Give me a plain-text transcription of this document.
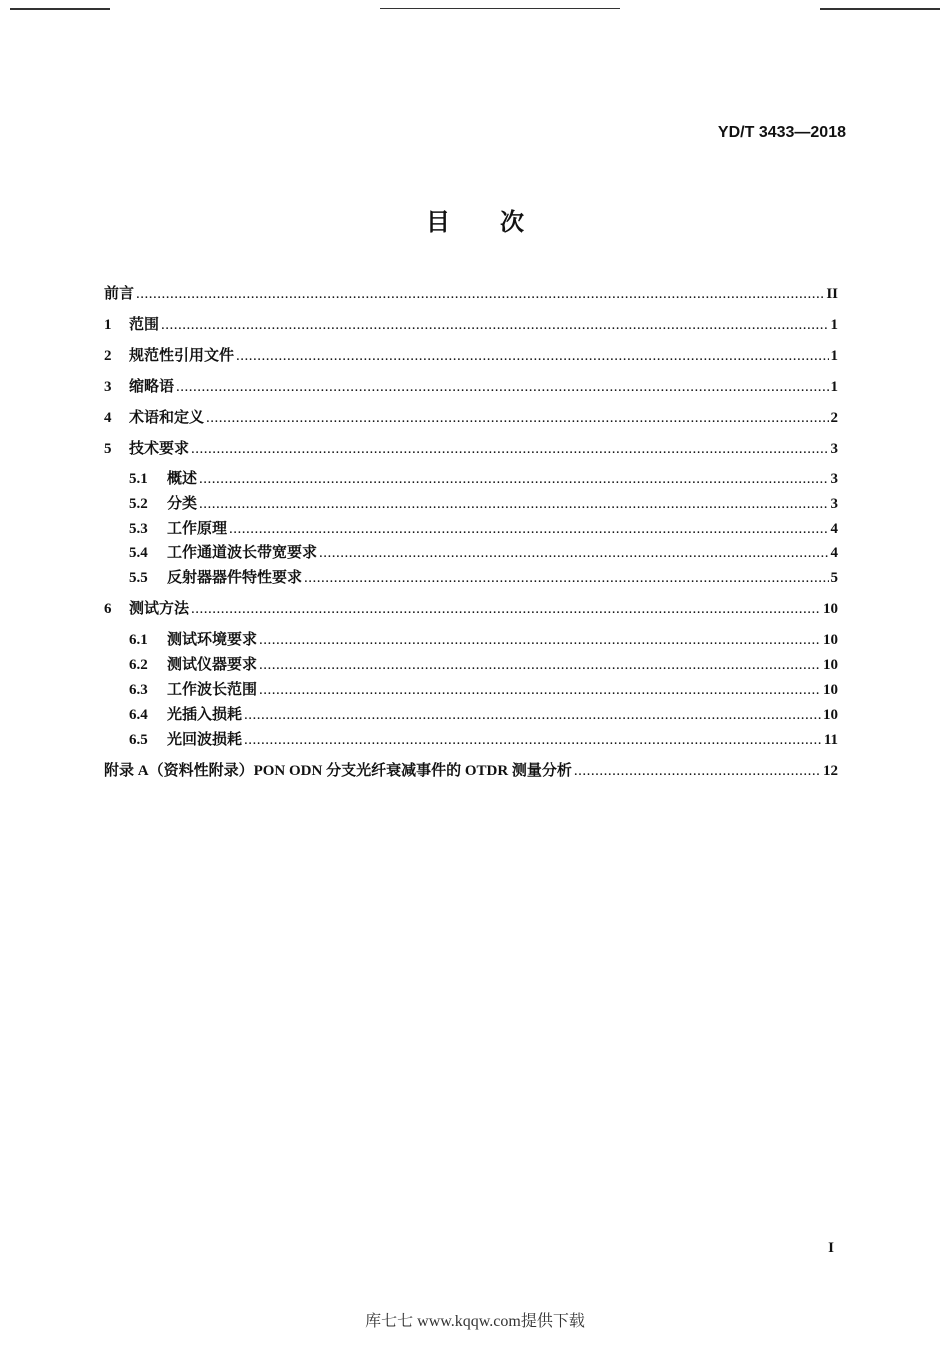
YD/T 3433—2018
目次
前言 .....	II
1	范围 .....	1
2	规范性引用文件 .....	1
3	缩略语 .....	1
4	术语和定义 .....	2
5	技术要求 .....	3
5.1	概述 .....	3
5.2	分类 .....	3
5.3	工作原理 .....	4
5.4	工作通道波长带宽要求 .....	4
5.5	反射器器件特性要求 .....	5
6	测试方法 .....	10
6.1	测试环境要求 .....	10
6.2	测试仪器要求 .....	10
6.3	工作波长范围 .....	10
6.4	光插入损耗 .....	10
6.5	光回波损耗 .....	11
附录 A（资料性附录）PON ODN 分支光纤衰减事件的 OTDR 测量分析 .....	12
I
库七七 www.kqqw.com提供下载
